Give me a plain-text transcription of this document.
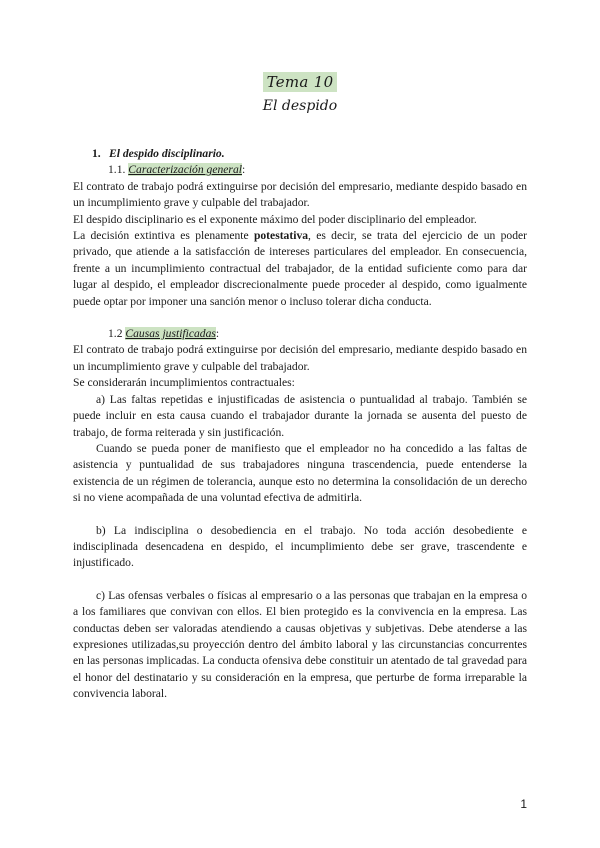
Tema 10
El despido

1. El despido disciplinario.

1.1. Caracterización general:

El contrato de trabajo podrá extinguirse por decisión del empresario, mediante despido basado en un incumplimiento grave y culpable del trabajador.

El despido disciplinario es el exponente máximo del poder disciplinario del empleador.

La decisión extintiva es plenamente potestativa, es decir, se trata del ejercicio de un poder privado, que atiende a la satisfacción de intereses particulares del empleador. En consecuencia, frente a un incumplimiento contractual del trabajador, de la entidad suficiente como para dar lugar al despido, el empleador discrecionalmente puede proceder al despido, como igualmente puede optar por imponer una sanción menor o incluso tolerar dicha conducta.

1.2 Causas justificadas:

El contrato de trabajo podrá extinguirse por decisión del empresario, mediante despido basado en un incumplimiento grave y culpable del trabajador.

Se considerarán incumplimientos contractuales:

a) Las faltas repetidas e injustificadas de asistencia o puntualidad al trabajo. También se puede incluir en esta causa cuando el trabajador durante la jornada se ausenta del puesto de trabajo, de forma reiterada y sin justificación.

Cuando se pueda poner de manifiesto que el empleador no ha concedido a las faltas de asistencia y puntualidad de sus trabajadores ninguna trascendencia, puede entenderse la existencia de un régimen de tolerancia, aunque esto no determina la consolidación de un derecho si no viene acompañada de una voluntad efectiva de admitirla.

b) La indisciplina o desobediencia en el trabajo. No toda acción desobediente e indisciplinada desencadena en despido, el incumplimiento debe ser grave, trascendente e injustificado.

c) Las ofensas verbales o físicas al empresario o a las personas que trabajan en la empresa o a los familiares que convivan con ellos. El bien protegido es la convivencia en la empresa. Las conductas deben ser valoradas atendiendo a causas objetivas y subjetivas. Debe atenderse a las expresiones utilizadas,su proyección dentro del ámbito laboral y las circunstancias concurrentes en las personas implicadas. La conducta ofensiva debe constituir un atentado de tal gravedad para el honor del destinatario y su consideración en la empresa, que perturbe de forma irreparable la convivencia laboral.

1
